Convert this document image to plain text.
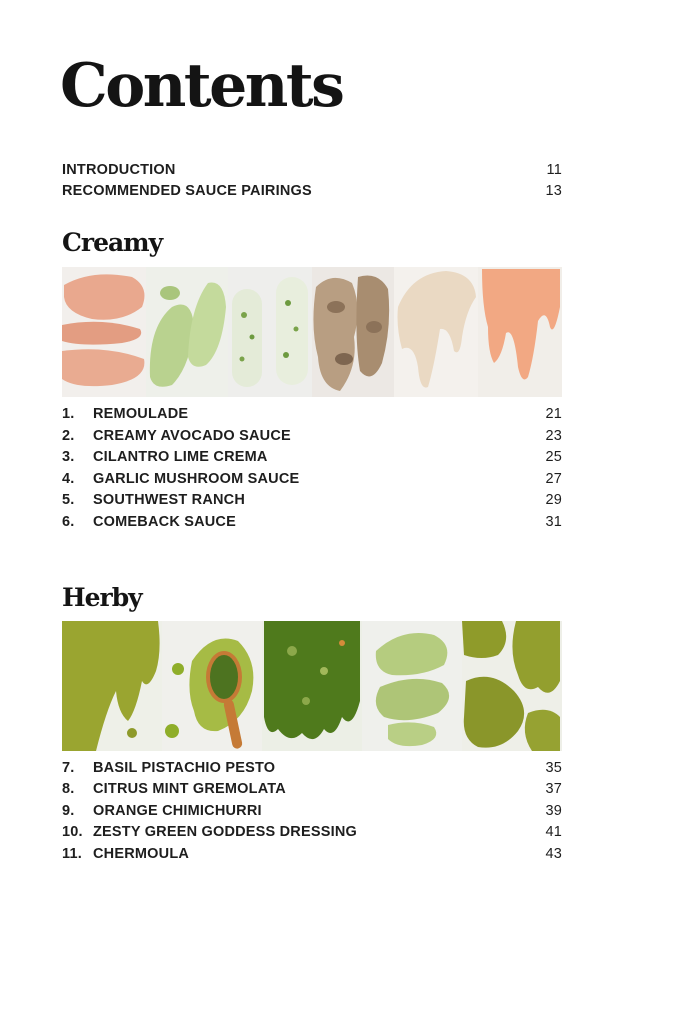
Contents
INTRODUCTION	11
RECOMMENDED SAUCE PAIRINGS	13
Creamy
1. REMOULADE	21
2. CREAMY AVOCADO SAUCE	23
3. CILANTRO LIME CREMA	25
4. GARLIC MUSHROOM SAUCE	27
5. SOUTHWEST RANCH	29
6. COMEBACK SAUCE	31
Herby
7. BASIL PISTACHIO PESTO	35
8. CITRUS MINT GREMOLATA	37
9. ORANGE CHIMICHURRI	39
10. ZESTY GREEN GODDESS DRESSING	41
11. CHERMOULA	43
